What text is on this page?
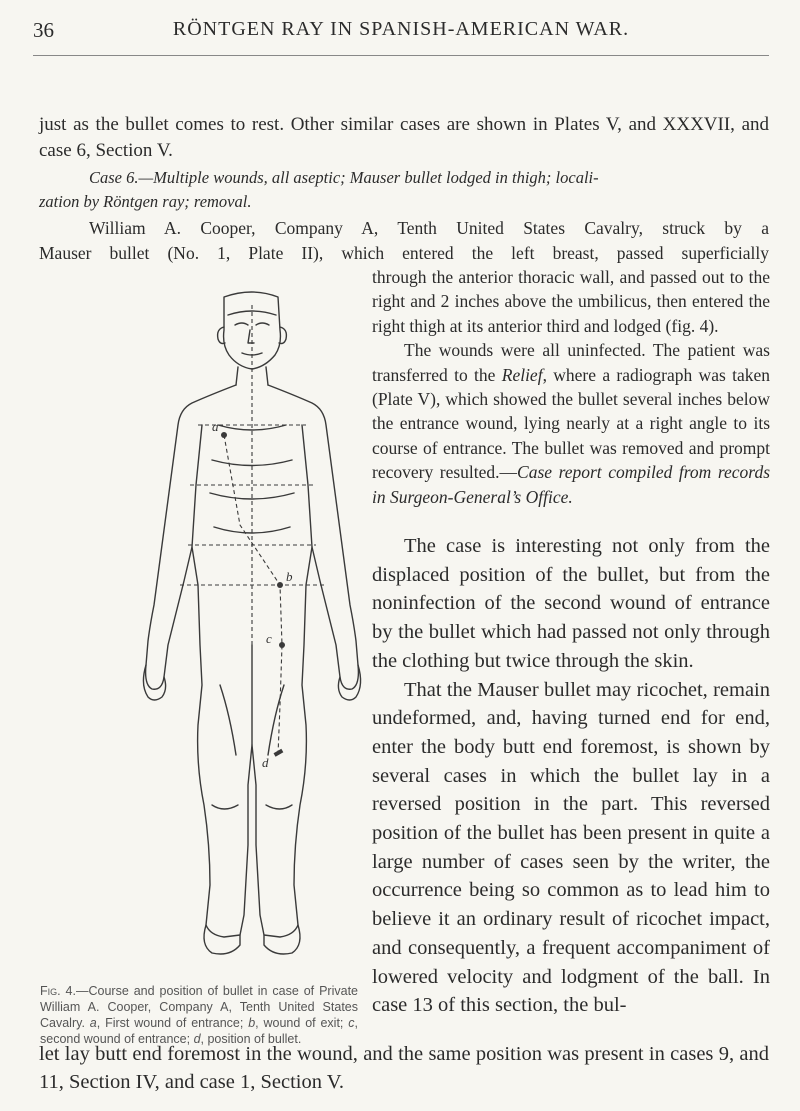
36	RÖNTGEN RAY IN SPANISH-AMERICAN WAR.
just as the bullet comes to rest. Other similar cases are shown in Plates V, and XXXVII, and case 6, Section V.
Case 6.—Multiple wounds, all aseptic; Mauser bullet lodged in thigh; locali-
zation by Röntgen ray; removal.
William A. Cooper, Company A, Tenth United States Cavalry, struck by a
Mauser bullet (No. 1, Plate II), which entered the left breast, passed superficially

through the anterior thoracic wall, and passed out to the right and 2 inches above the umbilicus, then entered the right thigh at its anterior third and lodged (fig. 4).

The wounds were all uninfected. The patient was transferred to the Relief, where a radiograph was taken (Plate V), which showed the bullet several inches below the entrance wound, lying nearly at a right angle to its course of entrance. The bullet was removed and prompt recovery resulted.—Case report compiled from records in Surgeon-General’s Office.

The case is interesting not only from the displaced position of the bullet, but from the noninfection of the second wound of entrance by the bullet which had passed not only through the clothing but twice through the skin.

That the Mauser bullet may ricochet, remain undeformed, and, having turned end for end, enter the body butt end foremost, is shown by several cases in which the bullet lay in a reversed position in the part. This reversed position of the bullet has been present in quite a large number of cases seen by the writer, the occurrence being so common as to lead him to believe it an ordinary result of ricochet impact, and consequently, a frequent accompaniment of lowered velocity and lodgment of the ball. In case 13 of this section, the bul-

let lay butt end foremost in the wound, and the same position was present in cases 9, and 11, Section IV, and case 1, Section V.
a
b
c
d
Fig. 4.—Course and position of bullet in case of Private William A. Cooper, Company A, Tenth United States Cavalry. a, First wound of entrance; b, wound of exit; c, second wound of entrance; d, position of bullet.
